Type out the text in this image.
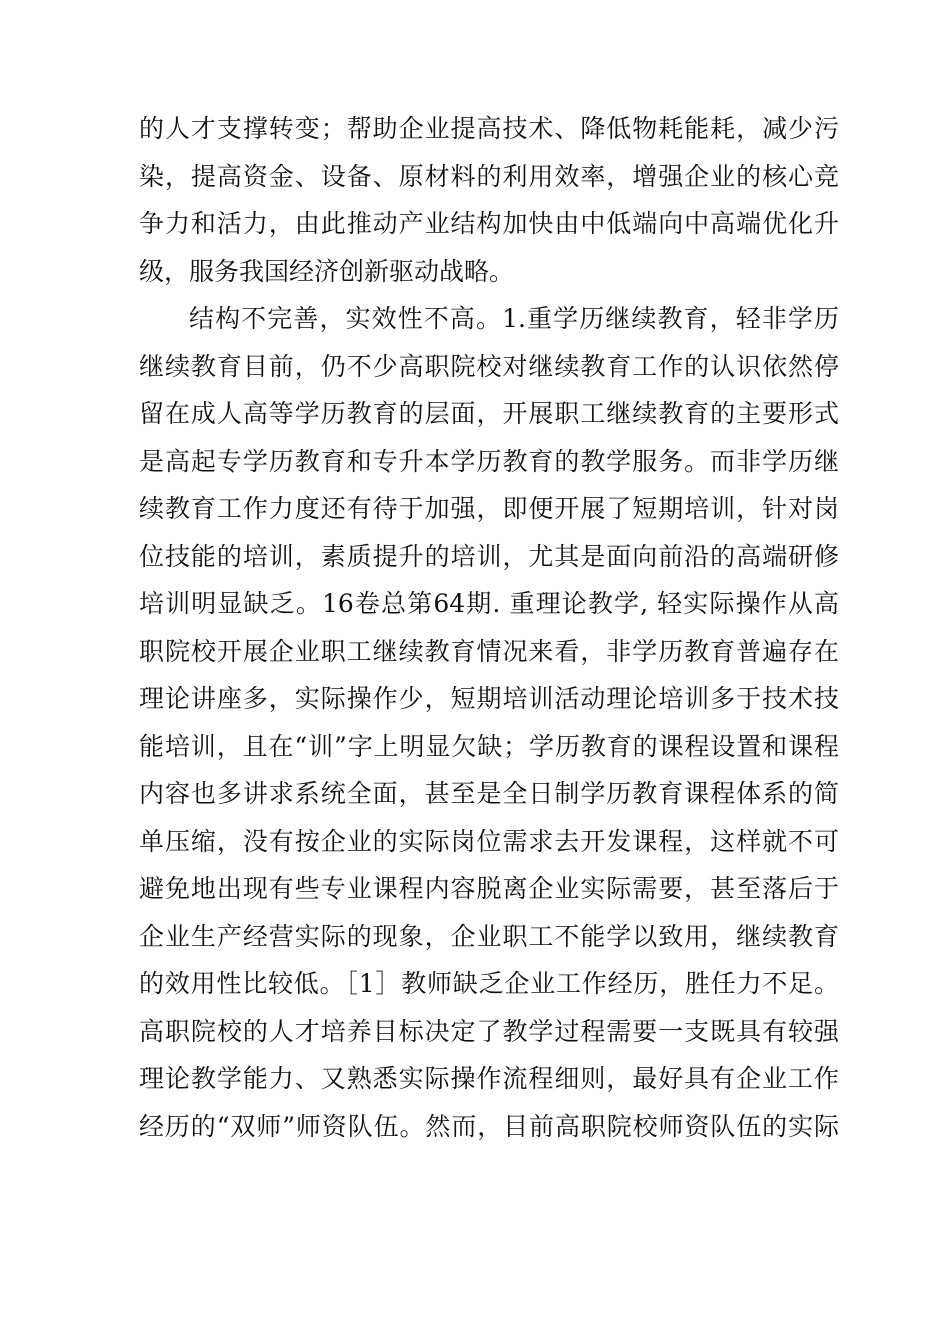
的人才支撑转变；帮助企业提高技术、降低物耗能耗，减少污
染，提高资金、设备、原材料的利用效率，增强企业的核心竞
争力和活力，由此推动产业结构加快由中低端向中高端优化升
级，服务我国经济创新驱动战略。
结构不完善，实效性不高。1.重学历继续教育，轻非学历
继续教育目前，仍不少高职院校对继续教育工作的认识依然停
留在成人高等学历教育的层面，开展职工继续教育的主要形式
是高起专学历教育和专升本学历教育的教学服务。而非学历继
续教育工作力度还有待于加强，即便开展了短期培训，针对岗
位技能的培训，素质提升的培训，尤其是面向前沿的高端研修
培训明显缺乏。16卷总第64期. 重理论教学, 轻实际操作从高
职院校开展企业职工继续教育情况来看，非学历教育普遍存在
理论讲座多，实际操作少，短期培训活动理论培训多于技术技
能培训，且在“训”字上明显欠缺；学历教育的课程设置和课程
内容也多讲求系统全面，甚至是全日制学历教育课程体系的简
单压缩，没有按企业的实际岗位需求去开发课程，这样就不可
避免地出现有些专业课程内容脱离企业实际需要，甚至落后于
企业生产经营实际的现象，企业职工不能学以致用，继续教育
的效用性比较低。［1］教师缺乏企业工作经历，胜任力不足。
高职院校的人才培养目标决定了教学过程需要一支既具有较强
理论教学能力、又熟悉实际操作流程细则，最好具有企业工作
经历的“双师”师资队伍。然而，目前高职院校师资队伍的实际
